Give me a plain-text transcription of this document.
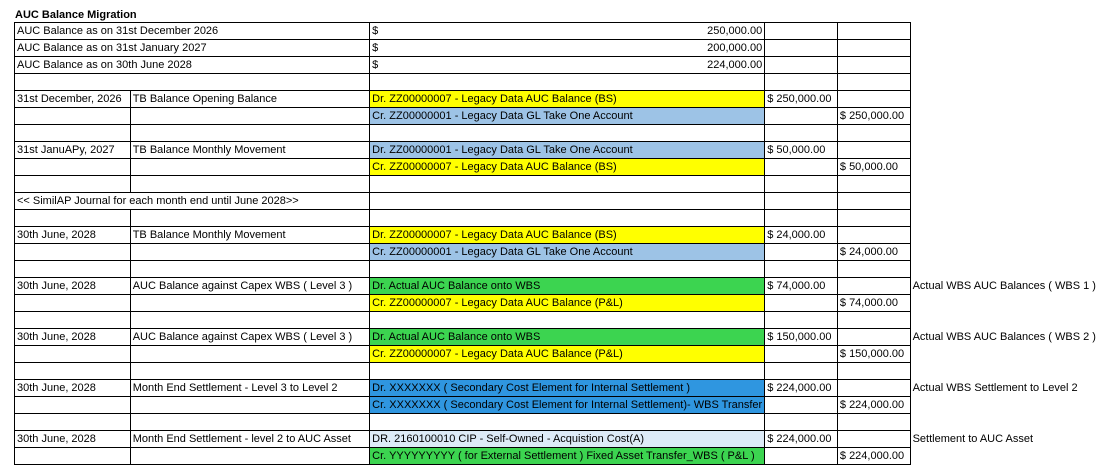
AUC Balance Migration
AUC Balance as on 31st December 2026		$ 250,000.00			

AUC Balance as on 31st January 2027		$ 200,000.00			

AUC Balance as on 30th June 2028		$ 224,000.00			

31st December, 2026	TB Balance Opening Balance	Dr. ZZ00000007 - Legacy Data AUC Balance (BS)	$ 250,000.00		
		Cr. ZZ00000001 - Legacy Data GL Take One Account		$ 250,000.00	

31st JanuAPy, 2027	TB Balance Monthly Movement	Dr. ZZ00000001 - Legacy Data GL Take One Account	$ 50,000.00		
		Cr. ZZ00000007 - Legacy Data AUC Balance (BS)		$ 50,000.00	

<< SimilAP Journal for each month end until June 2028>>					

30th June, 2028	TB Balance Monthly Movement	Dr. ZZ00000007 - Legacy Data AUC Balance (BS)	$ 24,000.00		
		Cr. ZZ00000001 - Legacy Data GL Take One Account		$ 24,000.00	

30th June, 2028	AUC Balance against Capex WBS ( Level 3 )	Dr. Actual AUC Balance onto WBS	$ 74,000.00		Actual WBS AUC Balances ( WBS 1 )
		Cr. ZZ00000007 - Legacy Data AUC Balance (P&L)		$ 74,000.00	

30th June, 2028	AUC Balance against Capex WBS ( Level 3 )	Dr. Actual AUC Balance onto WBS	$ 150,000.00		Actual WBS AUC Balances ( WBS 2 )
		Cr. ZZ00000007 - Legacy Data AUC Balance (P&L)		$ 150,000.00	

30th June, 2028	Month End Settlement - Level 3 to Level 2	Dr. XXXXXXX ( Secondary Cost Element for Internal Settlement )	$ 224,000.00		Actual WBS Settlement to Level 2
		Cr. XXXXXXX ( Secondary Cost Element for Internal Settlement)- WBS Transfer		$ 224,000.00	

30th June, 2028	Month End Settlement - level 2 to AUC Asset	DR. 2160100010 CIP - Self-Owned - Acquistion Cost(A)	$ 224,000.00		Settlement to AUC Asset
		Cr. YYYYYYYYY ( for External Settlement ) Fixed Asset Transfer_WBS ( P&L )		$ 224,000.00	
